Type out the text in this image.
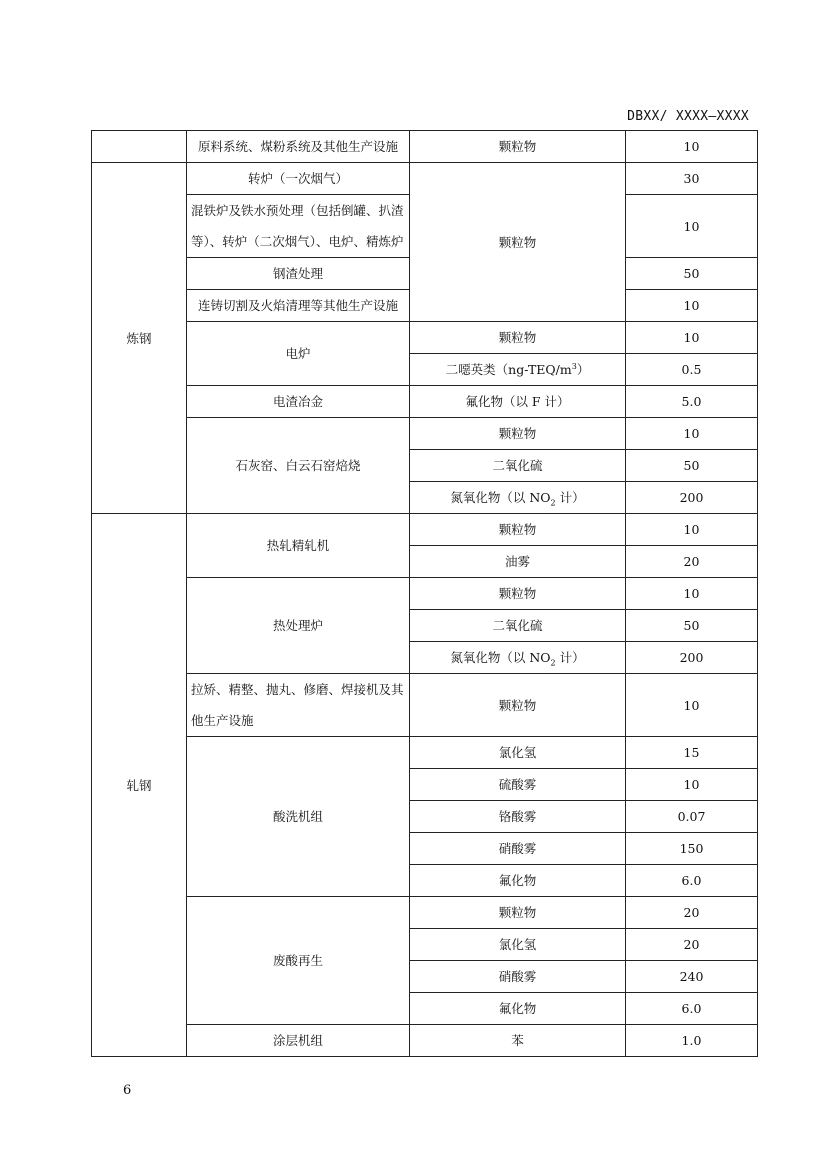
DBXX/ XXXX—XXXX
	原料系统、煤粉系统及其他生产设施	颗粒物	10
炼钢	转炉（一次烟气）	颗粒物	30

	混铁炉及铁水预处理（包括倒罐、扒渣
等）、转炉（二次烟气）、电炉、精炼炉		10

	钢渣处理		50
	连铸切割及火焰清理等其他生产设施		10
	电炉	颗粒物	10
		二噁英类$(ng-TEQ/m^3)$	0.5
	电渣冶金	氟化物（以 F 计）	5.0
	石灰窑、白云石窑焙烧	颗粒物	10
		二氧化硫	50
		氮氧化物（以 $NO_2$ 计）	200
轧钢	热轧精轧机	颗粒物	10
		油雾	20
	热处理炉	颗粒物	10
		二氧化硫	50
		氮氧化物（以 $NO_2$ 计）	200

	拉矫、精整、抛丸、修磨、焊接机及其
他生产设施	颗粒物	10

	酸洗机组	氯化氢	15
		硫酸雾	10
		铬酸雾	0.07
		硝酸雾	150
		氟化物	6.0
	废酸再生	颗粒物	20
		氯化氢	20
		硝酸雾	240
		氟化物	6.0
	涂层机组	苯	1.0
6
